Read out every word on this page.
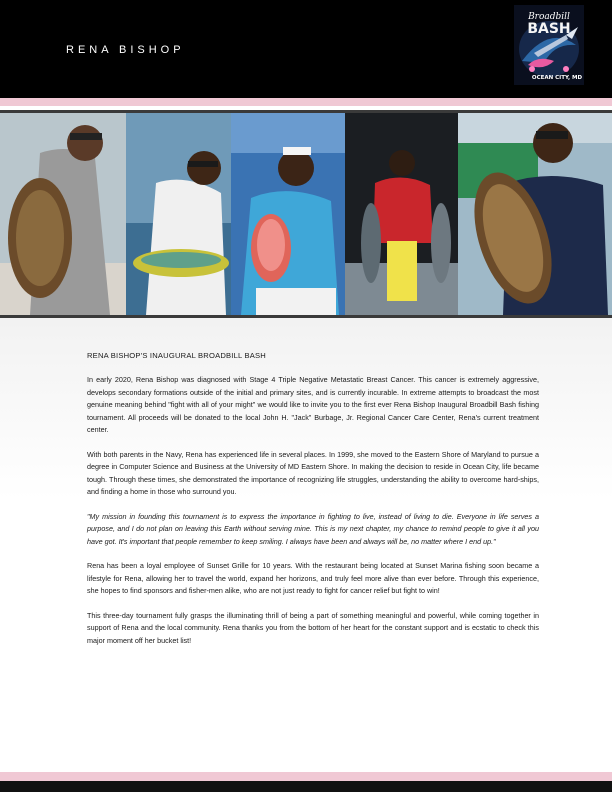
RENA BISHOP
Broadbill
BASH
OCEAN CITY, MD
RENA BISHOP'S INAUGURAL BROADBILL BASH

In early 2020, Rena Bishop was diagnosed with Stage 4 Triple Negative Metastatic Breast Cancer. This cancer is extremely aggressive, develops secondary formations outside of the initial and primary sites, and is currently incurable. In extreme attempts to broadcast the most genuine meaning behind "fight with all of your might" we would like to invite you to the first ever Rena Bishop Inaugural Broadbill Bash fishing tournament. All proceeds will be donated to the local John H. "Jack" Burbage, Jr. Regional Cancer Care Center, Rena's current treatment center.

With both parents in the Navy, Rena has experienced life in several places. In 1999, she moved to the Eastern Shore of Maryland to pursue a degree in Computer Science and Business at the University of MD Eastern Shore. In making the decision to reside in Ocean City, life became tough. Through these times, she demonstrated the importance of recognizing life struggles, understanding the ability to overcome hard-ships, and finding a home in those who surround you.

"My mission in founding this tournament is to express the importance in fighting to live, instead of living to die. Everyone in life serves a purpose, and I do not plan on leaving this Earth without serving mine. This is my next chapter, my chance to remind people to give it all you have got. It's important that people remember to keep smiling. I always have been and always will be, no matter where I end up."

Rena has been a loyal employee of Sunset Grille for 10 years. With the restaurant being located at Sunset Marina fishing soon became a lifestyle for Rena, allowing her to travel the world, expand her horizons, and truly feel more alive than ever before. Through this experience, she hopes to find sponsors and fisher-men alike, who are not just ready to fight for cancer relief but fight to win!

This three-day tournament fully grasps the illuminating thrill of being a part of something meaningful and powerful, while coming together in support of Rena and the local community. Rena thanks you from the bottom of her heart for the constant support and is ecstatic to check this major moment off her bucket list!
